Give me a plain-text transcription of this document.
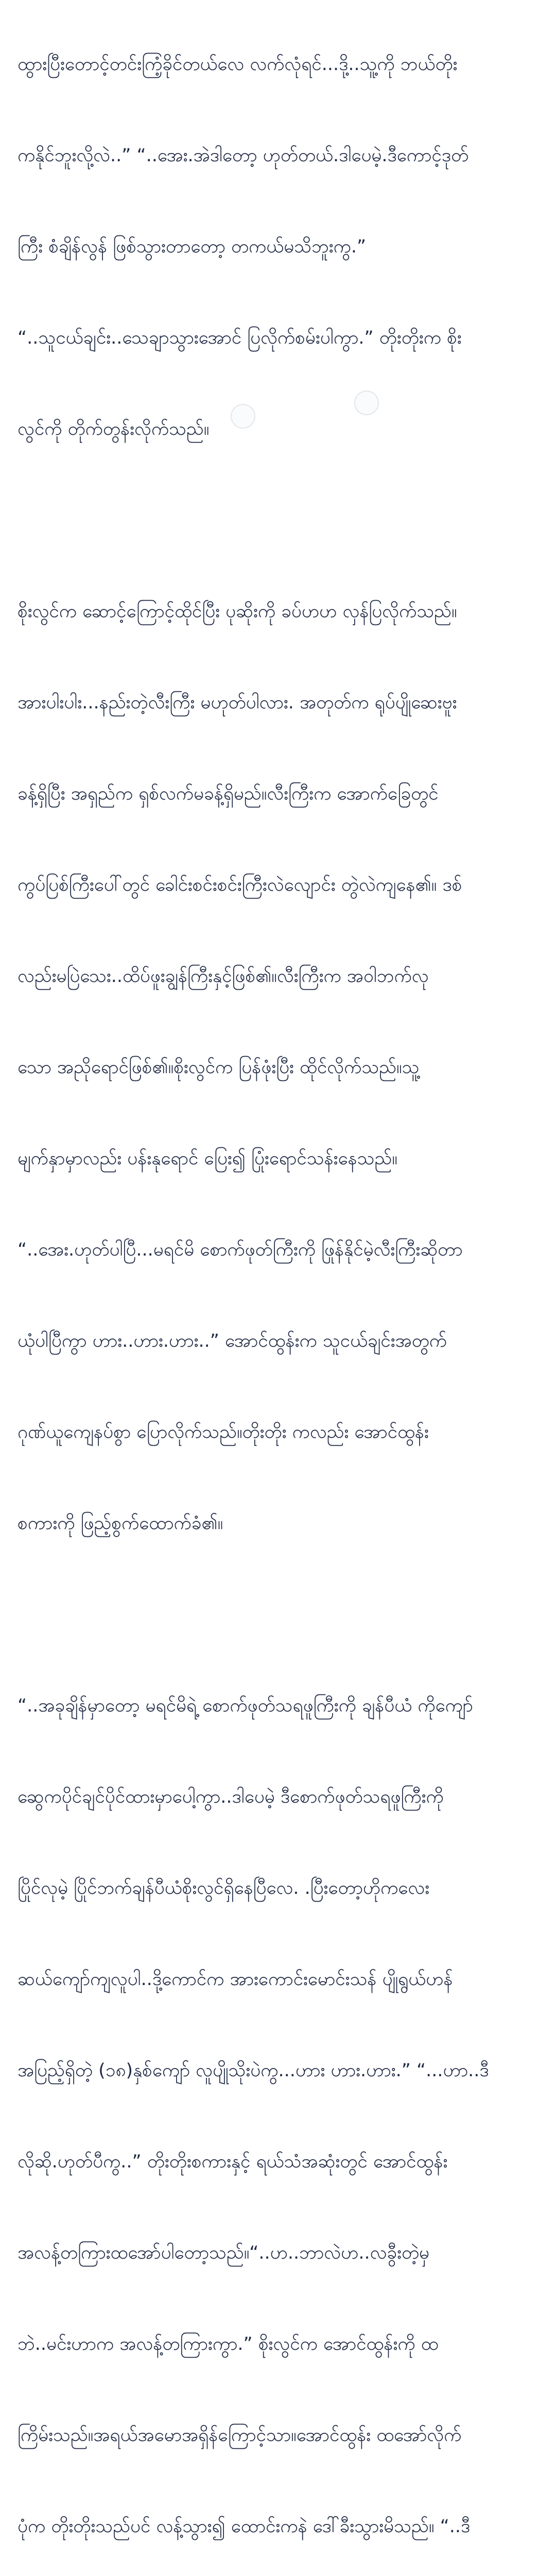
ထွားပြီးတောင့်တင်းကြံ့ခိုင်တယ်လေ လက်လုံရင်...ဒို့..သူ့ကို ဘယ်တိုး

ကနိုင်ဘူးလို့လဲ..” “..အေး.အဲဒါတော့ ဟုတ်တယ်.ဒါပေမဲ့.ဒီကောင့်ဒုတ်

ကြီး စံချိန်လွန် ဖြစ်သွားတာတော့ တကယ်မသိဘူးကွ.”

“..သူငယ်ချင်း..သေချာသွားအောင် ပြလိုက်စမ်းပါကွာ.” တိုးတိုးက စိုး

လွင်ကို တိုက်တွန်းလိုက်သည်။

စိုးလွင်က ဆောင့်ကြောင့်ထိုင်ပြီး ပုဆိုးကို ခပ်ဟဟ လှန်ပြလိုက်သည်။

အားပါးပါး...နည်းတဲ့လီးကြီး မဟုတ်ပါလား. အတုတ်က ရုပ်ပျိုဆေးဗူး

ခန့်ရှိပြီး အရှည်က ရှစ်လက်မခန့်ရှိမည်။လီးကြီးက အောက်ခြေတွင်

ကွပ်ပြစ်ကြီးပေါ်တွင် ခေါင်းစင်းစင်းကြီးလဲလျောင်း တွဲလဲကျနေ၏။ ဒစ်

လည်းမပြဲသေး..ထိပ်ဖူးချွန်ကြီးနှင့်ဖြစ်၏။လီးကြီးက အဝါဘက်လု

သော အညိုရောင်ဖြစ်၏။စိုးလွင်က ပြန်ဖုံးပြီး ထိုင်လိုက်သည်။သူ့

မျက်နှာမှာလည်း ပန်းနုရောင် ပြေး၍ ပြုံးရောင်သန်းနေသည်။

“..အေး.ဟုတ်ပါပြီ...မရင်မိ စောက်ဖုတ်ကြီးကို ဖြုန်နိုင်မဲ့လီးကြီးဆိုတာ

ယုံပါပြီကွာ ဟား..ဟား.ဟား..” အောင်ထွန်းက သူငယ်ချင်းအတွက်

ဂုဏ်ယူကျေနပ်စွာ ပြောလိုက်သည်။တိုးတိုး ကလည်း အောင်ထွန်း

စကားကို ဖြည့်စွက်ထောက်ခံ၏။

“..အခုချိန်မှာတော့ မရင်မိရဲ့ စောက်ဖုတ်သရဖူကြီးကို ချန်ပီယံ ကိုကျော်

ဆွေကပိုင်ချင်ပိုင်ထားမှာပေါ့ကွာ..ဒါပေမဲ့ ဒီစောက်ဖုတ်သရဖူကြီးကို

ပြိုင်လုမဲ့ ပြိုင်ဘက်ချန်ပီယံစိုးလွင်ရှိနေပြီလေ. .ပြီးတော့ဟိုကလေး

ဆယ်ကျော်ကျလူပါ..ဒို့ကောင်က အားကောင်းမောင်းသန် ပျိုရွယ်ဟန်

အပြည့်ရှိတဲ့ (၁၈)နှစ်ကျော် လူပျိုသိုးပဲကွ...ဟား ဟား.ဟား.” “...ဟာ..ဒီ

လိုဆို.ဟုတ်ပီကွ..” တိုးတိုးစကားနှင့် ရယ်သံအဆုံးတွင် အောင်ထွန်း

အလန့်တကြားထအော်ပါတော့သည်။“..ဟ..ဘာလဲဟ..လခွီးတဲ့မှ

ဘဲ..မင်းဟာက အလန့်တကြားကွာ.” စိုးလွင်က အောင်ထွန်းကို ထ

ကြိမ်းသည်။အရယ်အမောအရှိန်ကြောင့်သာ။အောင်ထွန်း ထအော်လိုက်

ပုံက တိုးတိုးသည်ပင် လန့်သွား၍ ထောင်းကနဲ ဒေါ်ခီးသွားမိသည်။ “..ဒီ
